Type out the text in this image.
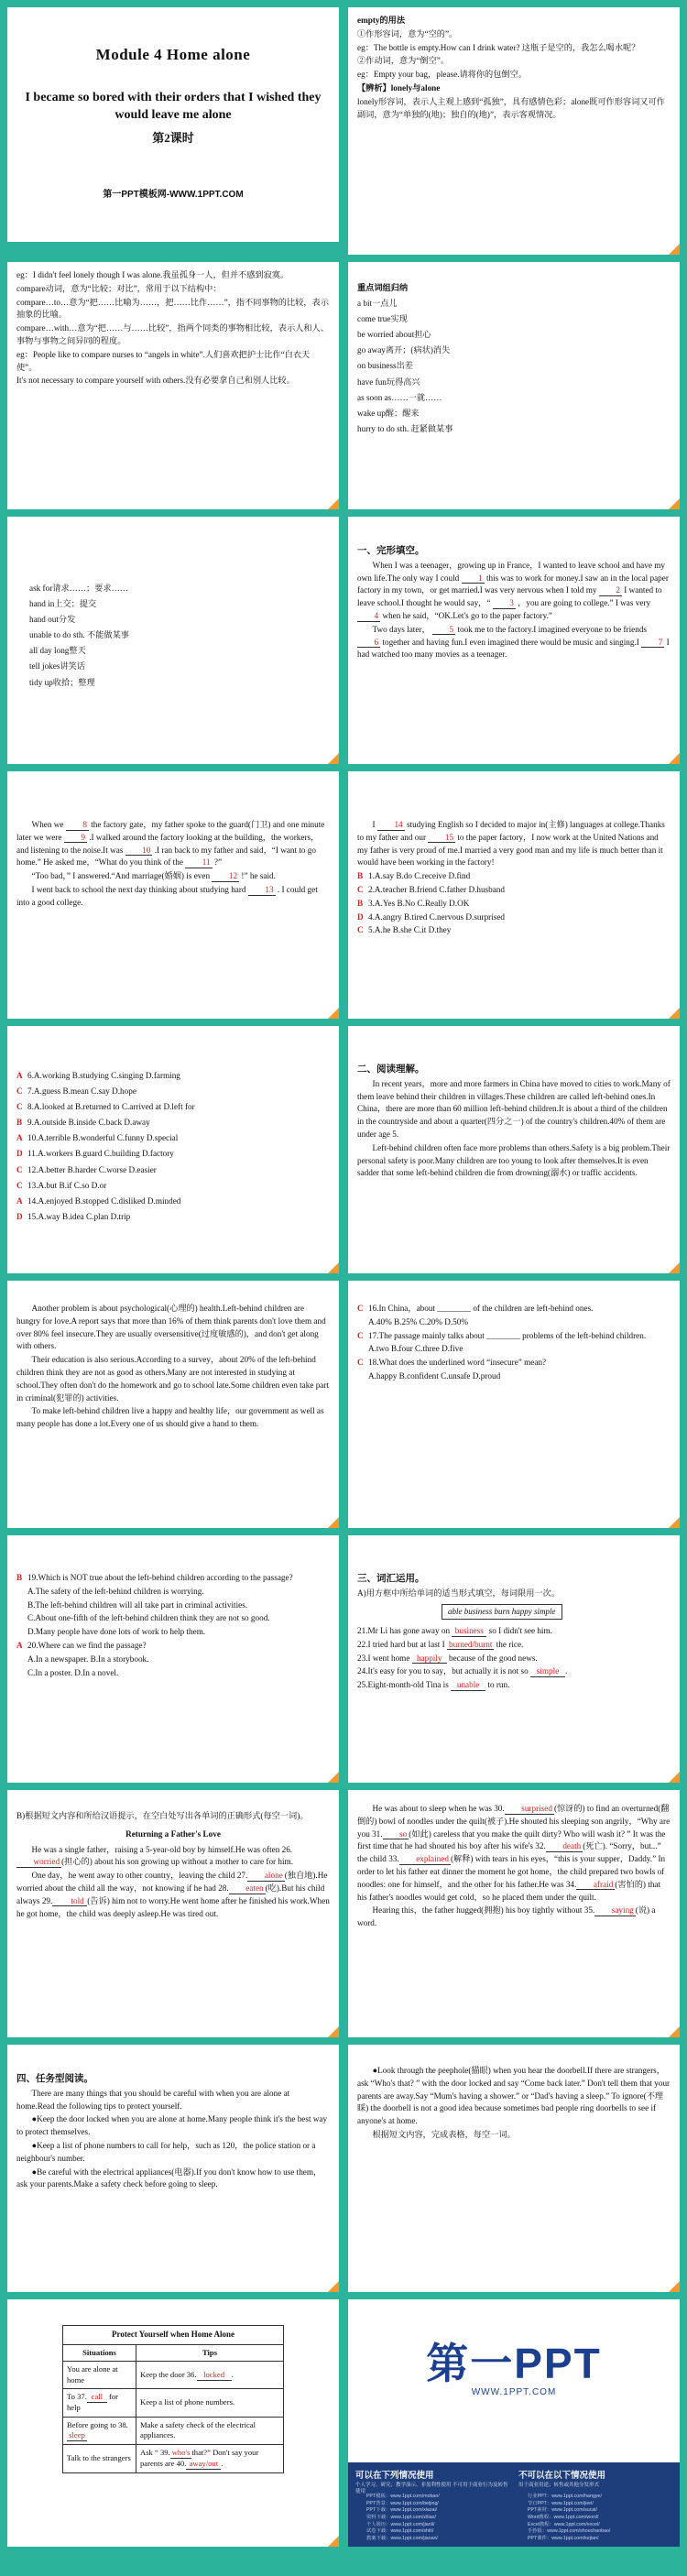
Module 4 Home alone
I became so bored with their orders that I wished they would leave me alone
第2课时
第一PPT模板网-WWW.1PPT.COM

empty的用法

①作形容词，意为“空的”。

eg：The bottle is empty.How can I drink water? 这瓶子是空的，我怎么喝水呢？

②作动词，意为“倒空”。

eg：Empty your bag，please.请将你的包倒空。

【辨析】lonely与alone

lonely形容词，表示人主观上感到“孤独”，具有感情色彩；alone既可作形容词又可作副词，意为“单独的(地)；独自的(地)”，表示客观情况。

eg：I didn't feel lonely though I was alone.我虽孤身一人，但并不感到寂寞。

compare动词，意为“比较；对比”，常用于以下结构中：

compare…to…意为“把……比喻为……，把……比作……”，指不同事物的比较，表示抽象的比喻。

compare…with…意为“把……与……比较”，指两个同类的事物相比较，表示人和人、事物与事物之间异同的程度。

eg：People like to compare nurses to “angels in white”.人们喜欢把护士比作“白衣天使”。

It's not necessary to compare yourself with others.没有必要拿自己和别人比较。

重点词组归纳

a bit一点儿

come true实现

be worried about担心

go away离开；(病状)消失

on business出差

have fun玩得高兴

as soon as……一就……

wake up醒；醒来

hurry to do sth. 赶紧做某事

ask for请求……；要求……

hand in上交；提交

hand out分发

unable to do sth. 不能做某事

all day long整天

tell jokes讲笑话

tidy up收拾；整理

一、完形填空。

When I was a teenager，growing up in France，I wanted to leave school and have my own life.The only way I could 1 this was to work for money.I saw an in the local paper factory in my town，or get married.I was very nervous when I told my 2 I wanted to leave school.I thought he would say，“ 3 ，you are going to college.” I was very 4 when he said，“OK.Let's go to the paper factory.”

Two days later， 5 took me to the factory.I imagined everyone to be friends 6 together and having fun.I even imagined there would be music and singing.I 7 I had watched too many movies as a teenager.

When we 8 the factory gate，my father spoke to the guard(门卫) and one minute later we were 9 .I walked around the factory looking at the building，the workers，and listening to the noise.It was 10 .I ran back to my father and said，“I want to go home.” He asked me，“What do you think of the 11 ?”

“Too bad，” I answered.“And marriage(婚姻) is even 12 !” he said.

I went back to school the next day thinking about studying hard 13 . I could get into a good college.

I 14 studying English so I decided to major in(主修) languages at college.Thanks to my father and our 15 to the paper factory，I now work at the United Nations and my father is very proud of me.I married a very good man and my life is much better than it would have been working in the factory!

B 1.A.say B.do C.receive D.find

C 2.A.teacher B.friend C.father D.husband

B 3.A.Yes B.No C.Really D.OK

D 4.A.angry B.tired C.nervous D.surprised

C 5.A.he B.she C.it D.they

A 6.A.working B.studying C.singing D.farming

C 7.A.guess B.mean C.say D.hope

C 8.A.looked at B.returned to C.arrived at D.left for

B 9.A.outside B.inside C.back D.away

A 10.A.terrible B.wonderful C.funny D.special

D 11.A.workers B.guard C.building D.factory

C 12.A.better B.harder C.worse D.easier

C 13.A.but B.if C.so D.or

A 14.A.enjoyed B.stopped C.disliked D.minded

D 15.A.way B.idea C.plan D.trip

二、阅读理解。

In recent years，more and more farmers in China have moved to cities to work.Many of them leave behind their children in villages.These children are called left-behind ones.In China，there are more than 60 million left-behind children.It is about a third of the children in the countryside and about a quarter(四分之一) of the country's children.40% of them are under age 5.

Left-behind children often face more problems than others.Safety is a big problem.Their personal safety is poor.Many children are too young to look after themselves.It is even sadder that some left-behind children die from drowning(溺水) or traffic accidents.

Another problem is about psychological(心理的) health.Left-behind children are hungry for love.A report says that more than 16% of them think parents don't love them and over 80% feel insecure.They are usually oversensitive(过度敏感的)，and don't get along with others.

Their education is also serious.According to a survey，about 20% of the left-behind children think they are not as good as others.Many are not interested in studying at school.They often don't do the homework and go to school late.Some children even take part in criminal(犯罪的) activities.

To make left-behind children live a happy and healthy life，our government as well as many people has done a lot.Every one of us should give a hand to them.

C 16.In China，about ________ of the children are left-behind ones.

A.40% B.25% C.20% D.50%

C 17.The passage mainly talks about ________ problems of the left-behind children.

A.two B.four C.three D.five

C 18.What does the underlined word “insecure” mean?

A.happy B.confident C.unsafe D.proud

B 19.Which is NOT true about the left-behind children according to the passage?

A.The safety of the left-behind children is worrying.

B.The left-behind children will all take part in criminal activities.

C.About one-fifth of the left-behind children think they are not so good.

D.Many people have done lots of work to help them.

A 20.Where can we find the passage?

A.In a newspaper. B.In a storybook.

C.In a poster. D.In a novel.

三、词汇运用。

A)用方框中所给单词的适当形式填空，每词限用一次。

able business burn happy simple

21.Mr Li has gone away on business so I didn't see him.

22.I tried hard but at last I burned/burnt the rice.

23.I went home happily because of the good news.

24.It's easy for you to say，but actually it is not so simple .

25.Eight-month-old Tina is unable to run.

B)根据短文内容和所给汉语提示，在空白处写出各单词的正确形式(每空一词)。

Returning a Father's Love

He was a single father，raising a 5-year-old boy by himself.He was often 26.worried (担心的) about his son growing up without a mother to care for him.

One day，he went away to other country，leaving the child 27. alone (独自地).He worried about the child all the way，not knowing if he had 28. eaten (吃).But his child always 29. told (告诉) him not to worry.He went home after he finished his work.When he got home，the child was deeply asleep.He was tired out.

He was about to sleep when he was 30. surprised (惊讶的) to find an overturned(翻倒的) bowl of noodles under the quilt(被子).He shouted his sleeping son angrily，“Why are you 31. so (如此) careless that you make the quilt dirty? Who will wash it? ” It was the first time that he had shouted his boy after his wife's 32. death (死亡). “Sorry，but...” the child 33. explained (解释) with tears in his eyes，“this is your supper，Daddy.” In order to let his father eat dinner the moment he got home，the child prepared two bowls of noodles: one for himself，and the other for his father.He was 34. afraid (害怕的) that his father's noodles would get cold，so he placed them under the quilt.

Hearing this，the father hugged(拥抱) his boy tightly without 35. saying (说) a word.

四、任务型阅读。

There are many things that you should be careful with when you are alone at home.Read the following tips to protect yourself.

●Keep the door locked when you are alone at home.Many people think it's the best way to protect themselves.

●Keep a list of phone numbers to call for help，such as 120，the police station or a neighbour's number.

●Be careful with the electrical appliances(电器).If you don't know how to use them，ask your parents.Make a safety check before going to sleep.

●Look through the peephole(猫眼) when you hear the doorbell.If there are strangers，ask “Who's that? ” with the door locked and say “Come back later.” Don't tell them that your parents are away.Say “Mum's having a shower.” or “Dad's having a sleep.” To ignore(不理睬) the doorbell is not a good idea because sometimes bad people ring doorbells to see if anyone's at home.

根据短文内容，完成表格，每空一词。

Protect Yourself when Home Alone
Situations	Tips
You are alone at home	Keep the door 36. locked .
To 37. call for help	Keep a list of phone numbers.
Before going to 38.sleep	Make a safety check of the electrical appliances.
Talk to the strangers	Ask “ 39. who's that?” Don't say your parents are 40. away/out .
第一PPT
WWW.1PPT.COM
可以在下列情况使用
个人学习、研究；教学演示、非盈利性使用 不可用于商业行为及转售使用
不可以在以下情况使用
用于商业用途；转售或其他分发形式
PPT模板：www.1ppt.com/moban/
PPT背景：www.1ppt.com/beijing/
PPT下载：www.1ppt.com/xiazai/
资料下载：www.1ppt.com/ziliao/
个人简历：www.1ppt.com/jianli/
试卷下载：www.1ppt.com/shiti/
教案下载：www.1ppt.com/jiaoan/
行业PPT：www.1ppt.com/hangye/
节日PPT：www.1ppt.com/jieri/
PPT素材：www.1ppt.com/sucai/
Word教程：www.1ppt.com/word/
Excel教程：www.1ppt.com/excel/
手抄报：www.1ppt.com/shouchaobao/
PPT课件：www.1ppt.com/kejian/
